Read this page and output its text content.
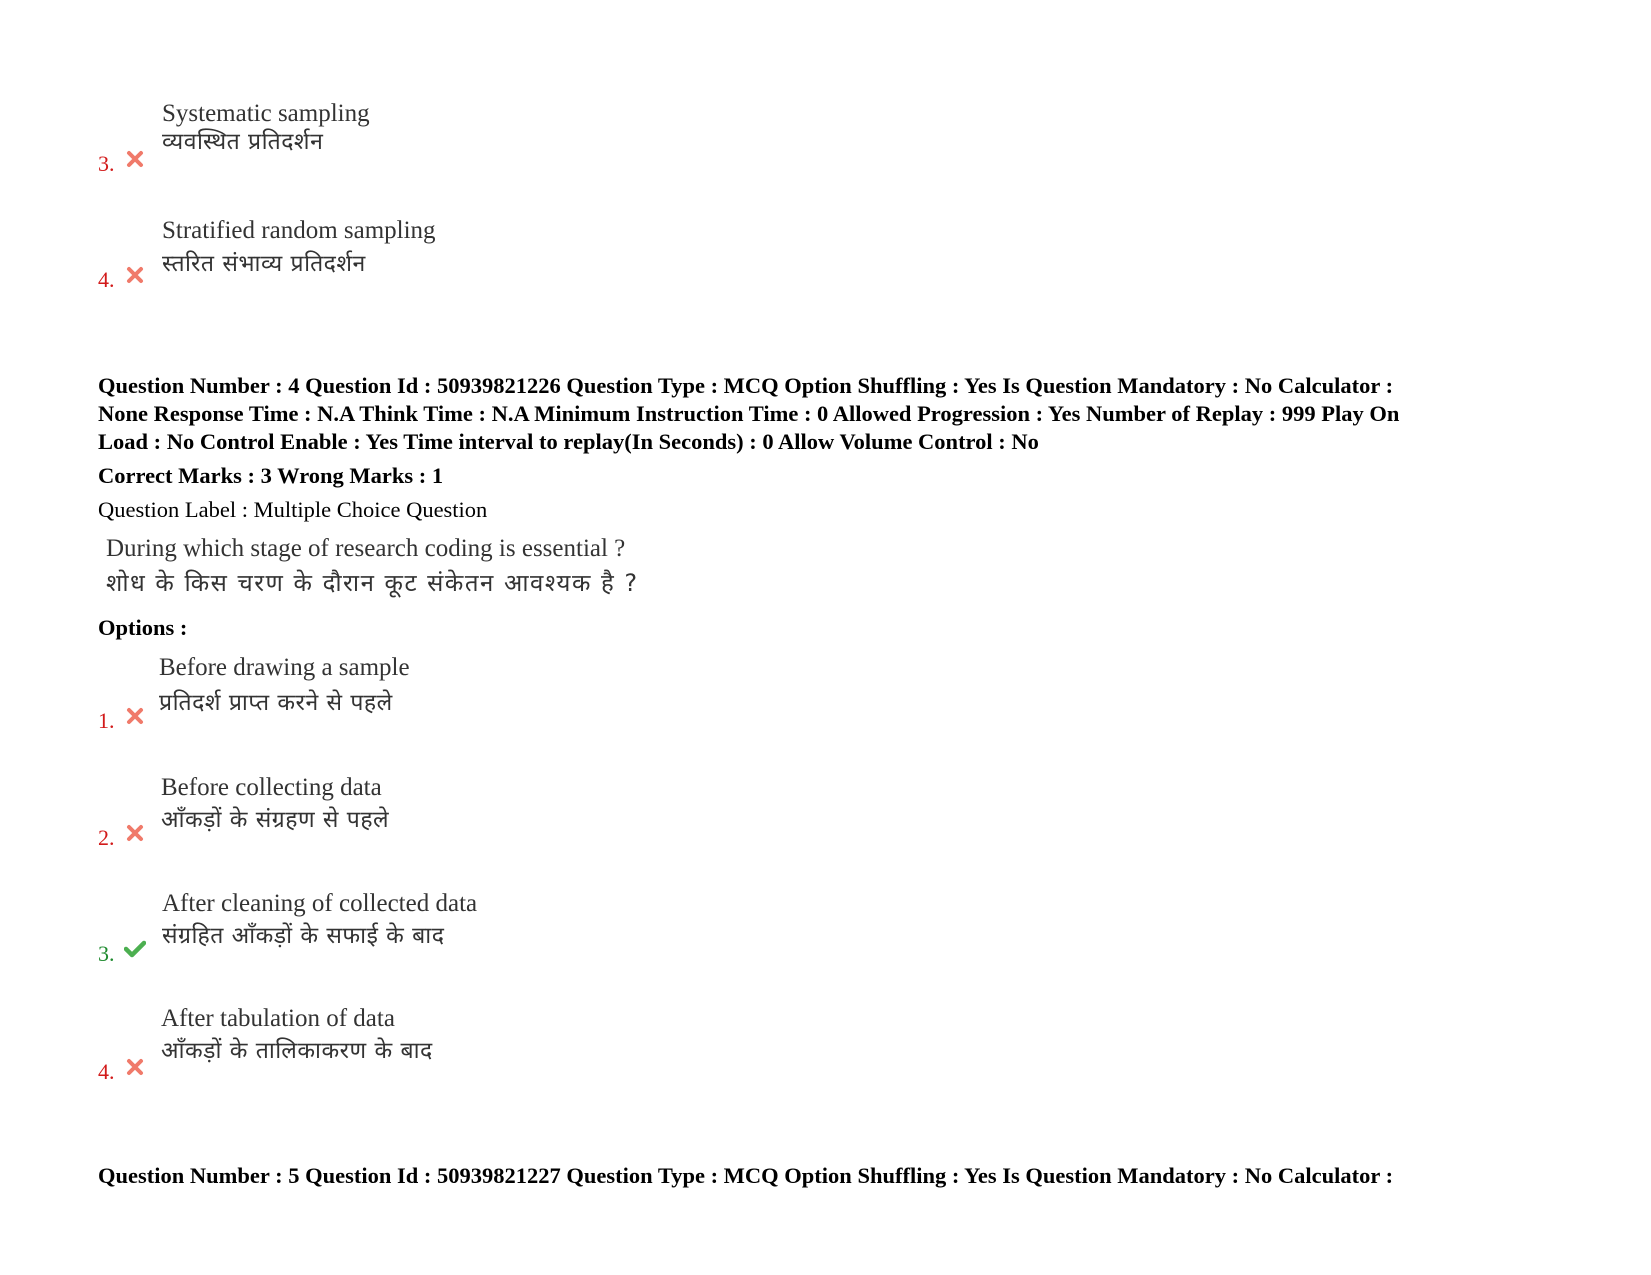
Systematic sampling
व्यवस्थित प्रतिदर्शन
3.
Stratified random sampling
स्तरित संभाव्य प्रतिदर्शन
4.
Question Number : 4 Question Id : 50939821226 Question Type : MCQ Option Shuffling : Yes Is Question Mandatory : No Calculator :
None Response Time : N.A Think Time : N.A Minimum Instruction Time : 0 Allowed Progression : Yes Number of Replay : 999 Play On
Load : No Control Enable : Yes Time interval to replay(In Seconds) : 0 Allow Volume Control : No
Correct Marks : 3 Wrong Marks : 1
Question Label : Multiple Choice Question
During which stage of research coding is essential ?
शोध के किस चरण के दौरान कूट संकेतन आवश्यक है ?
Options :
Before drawing a sample
प्रतिदर्श प्राप्त करने से पहले
1.
Before collecting data
आँकड़ों के संग्रहण से पहले
2.
After cleaning of collected data
संग्रहित आँकड़ों के सफाई के बाद
3.
After tabulation of data
आँकड़ों के तालिकाकरण के बाद
4.
Question Number : 5 Question Id : 50939821227 Question Type : MCQ Option Shuffling : Yes Is Question Mandatory : No Calculator :
